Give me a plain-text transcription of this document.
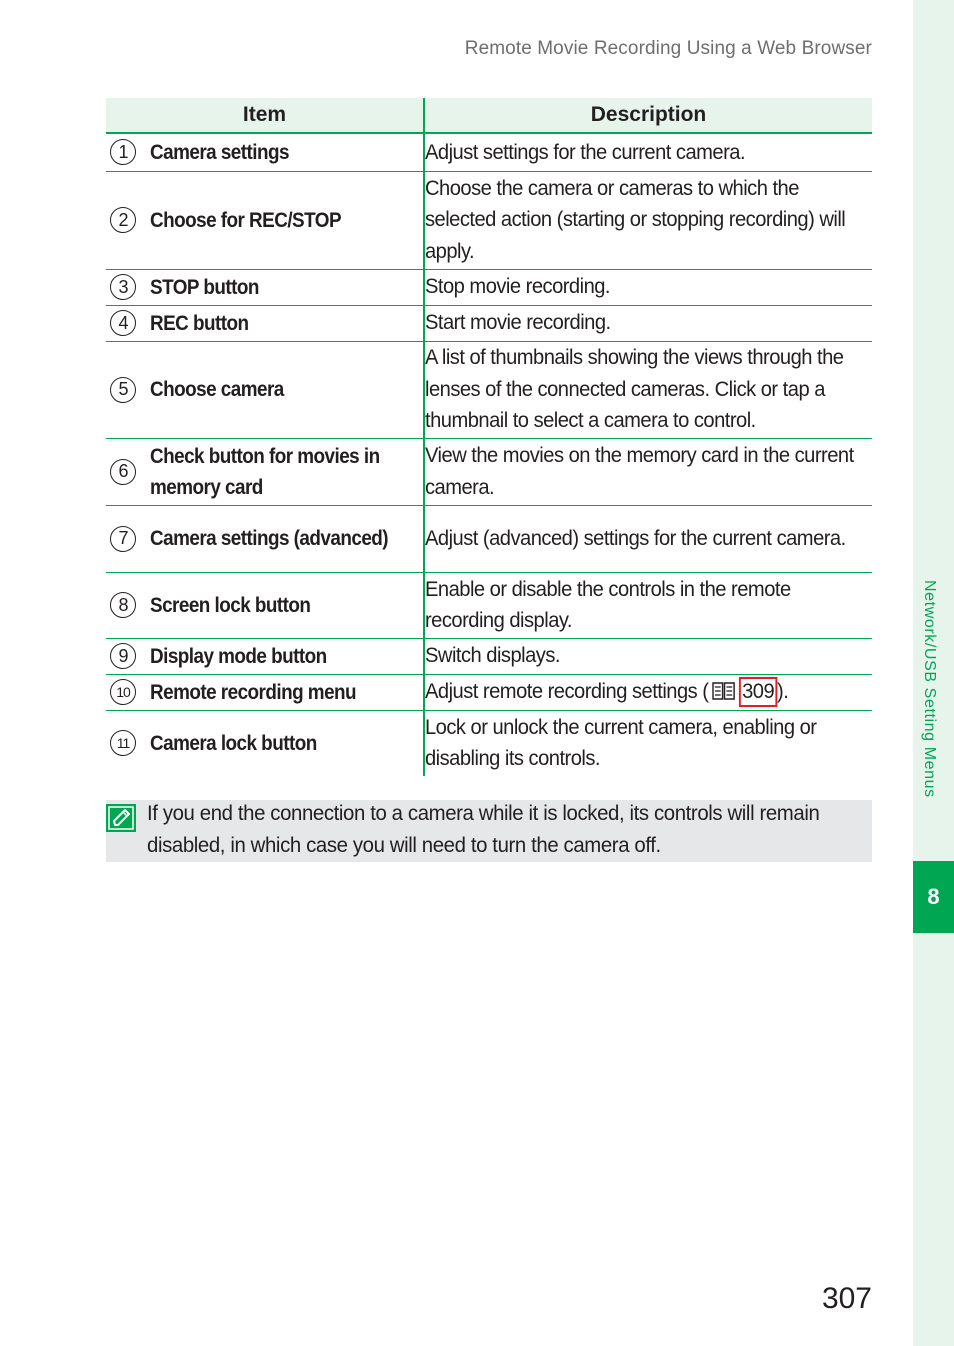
Remote Movie Recording Using a Web Browser
Item	Description

1 Camera settings	Adjust settings for the current camera.

2 Choose for REC/STOP	Choose the camera or cameras to which the selected action (starting or stopping recording) will apply.

3 STOP button	Stop movie recording.

4 REC button	Start movie recording.

5 Choose camera	A list of thumbnails showing the views through the lenses of the connected cameras. Click or tap a thumbnail to select a camera to control.

6
Check button for movies in
memory card	View the movies on the memory card in the current camera.

7 Camera settings (advanced)	Adjust (advanced) settings for the current camera.

8 Screen lock button	Enable or disable the controls in the remote recording display.

9 Display mode button	Switch displays.

10 Remote recording menu	Adjust remote recording settings ( 309 ).

11 Camera lock button	Lock or unlock the current camera, enabling or disabling its controls.
If you end the connection to a camera while it is locked, its controls will remain disabled, in which case you will need to turn the camera off.
Network/USB Setting Menus
8
307
